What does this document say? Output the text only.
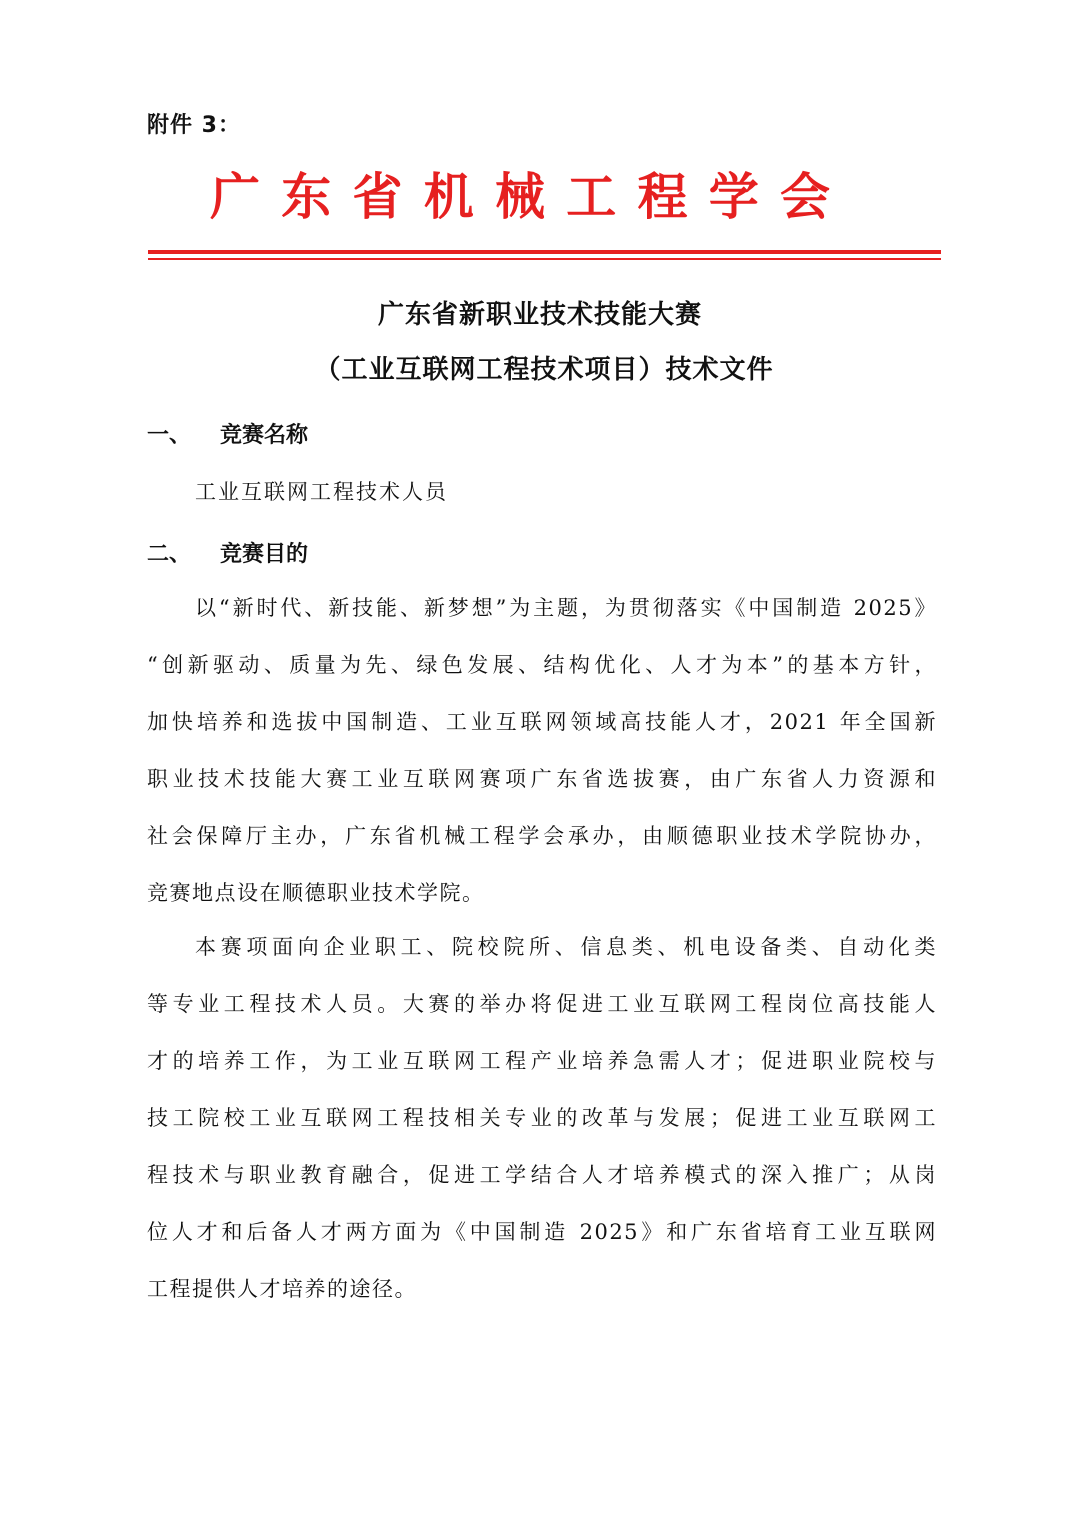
附件 3：
广 东 省 机 械 工 程 学 会
广东省新职业技术技能大赛
（工业互联网工程技术项目）技术文件
一、	竞赛名称
工业互联网工程技术人员
二、	竞赛目的
以“新时代、新技能、新梦想”为主题，为贯彻落实《中国制造 2025》
“创新驱动、质量为先、绿色发展、结构优化、人才为本”的基本方针，
加快培养和选拔中国制造、工业互联网领域高技能人才，2021 年全国新
职业技术技能大赛工业互联网赛项广东省选拔赛，由广东省人力资源和
社会保障厅主办，广东省机械工程学会承办，由顺德职业技术学院协办，
竞赛地点设在顺德职业技术学院。
本赛项面向企业职工、院校院所、信息类、机电设备类、自动化类
等专业工程技术人员。大赛的举办将促进工业互联网工程岗位高技能人
才的培养工作，为工业互联网工程产业培养急需人才；促进职业院校与
技工院校工业互联网工程技相关专业的改革与发展；促进工业互联网工
程技术与职业教育融合，促进工学结合人才培养模式的深入推广；从岗
位人才和后备人才两方面为《中国制造 2025》和广东省培育工业互联网
工程提供人才培养的途径。
